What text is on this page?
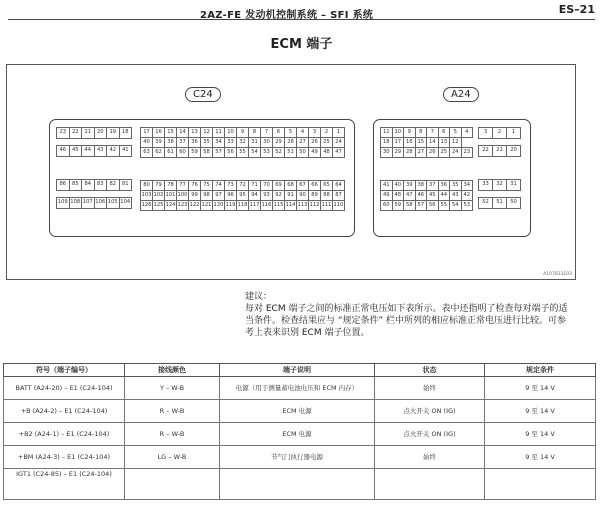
2AZ-FE 发动机控制系统 – SFI 系统	ES–21
ECM 端子
C24	A24
23	22	21	20	19	18
46	45	44	43	42	41
86	85	84	83	82	81
109 108 107 106 105 104
17	16	15	14	13	12	11	10	9	8	7	6	5	4	3	2	1
40	39	38	37	36	35	34	33	32	31	30	29	28	27	26	25	24
63	62	61	60	59	58	57	56	55	54	53	52	51	50	49	48	47
80	79	78	77	76	75	74	73	72	71	70	69	68	67	66	65	64
103 102 101 100 99	98	97	96	95	94	93	92	91	90	89	88	87
126 125 124 123 122 121 120 119 118 117 116 115 114 113 112 111 110
11 10	9	8	7	6	5	4
18 17 16 15 14 13 12
30 29 28 27 26 25 24 23
41 40 39 38 37 36 35 34
49 48 47 46 45 44 43 42
60 59 58 57 56 55 54 53
3	2	1
22	21	20
33	32	31
52	51	50
A107831E03
建议：
每对 ECM 端子之间的标准正常电压如下表所示。表中还指明了检查每对端子的适当条件。检查结果应与 “规定条件” 栏中所列的相应标准正常电压进行比较。可参考上表来识别 ECM 端子位置。
符号（端子编号）	接线颜色	端子说明	状态	规定条件
BATT (A24-20) – E1 (C24-104)	Y – W-B	电源（用于测量蓄电池电压和 ECM 内存）	始终	9 至 14 V
+B (A24-2) – E1 (C24-104)	R – W-B	ECM 电源	点火开关 ON (IG)	9 至 14 V
+B2 (A24-1) – E1 (C24-104)	R – W-B	ECM 电源	点火开关 ON (IG)	9 至 14 V
+BM (A24-3) – E1 (C24-104)	LG – W-B	节气门执行器电源	始终	9 至 14 V
IGT1 (C24-85) – E1 (C24-104)				
